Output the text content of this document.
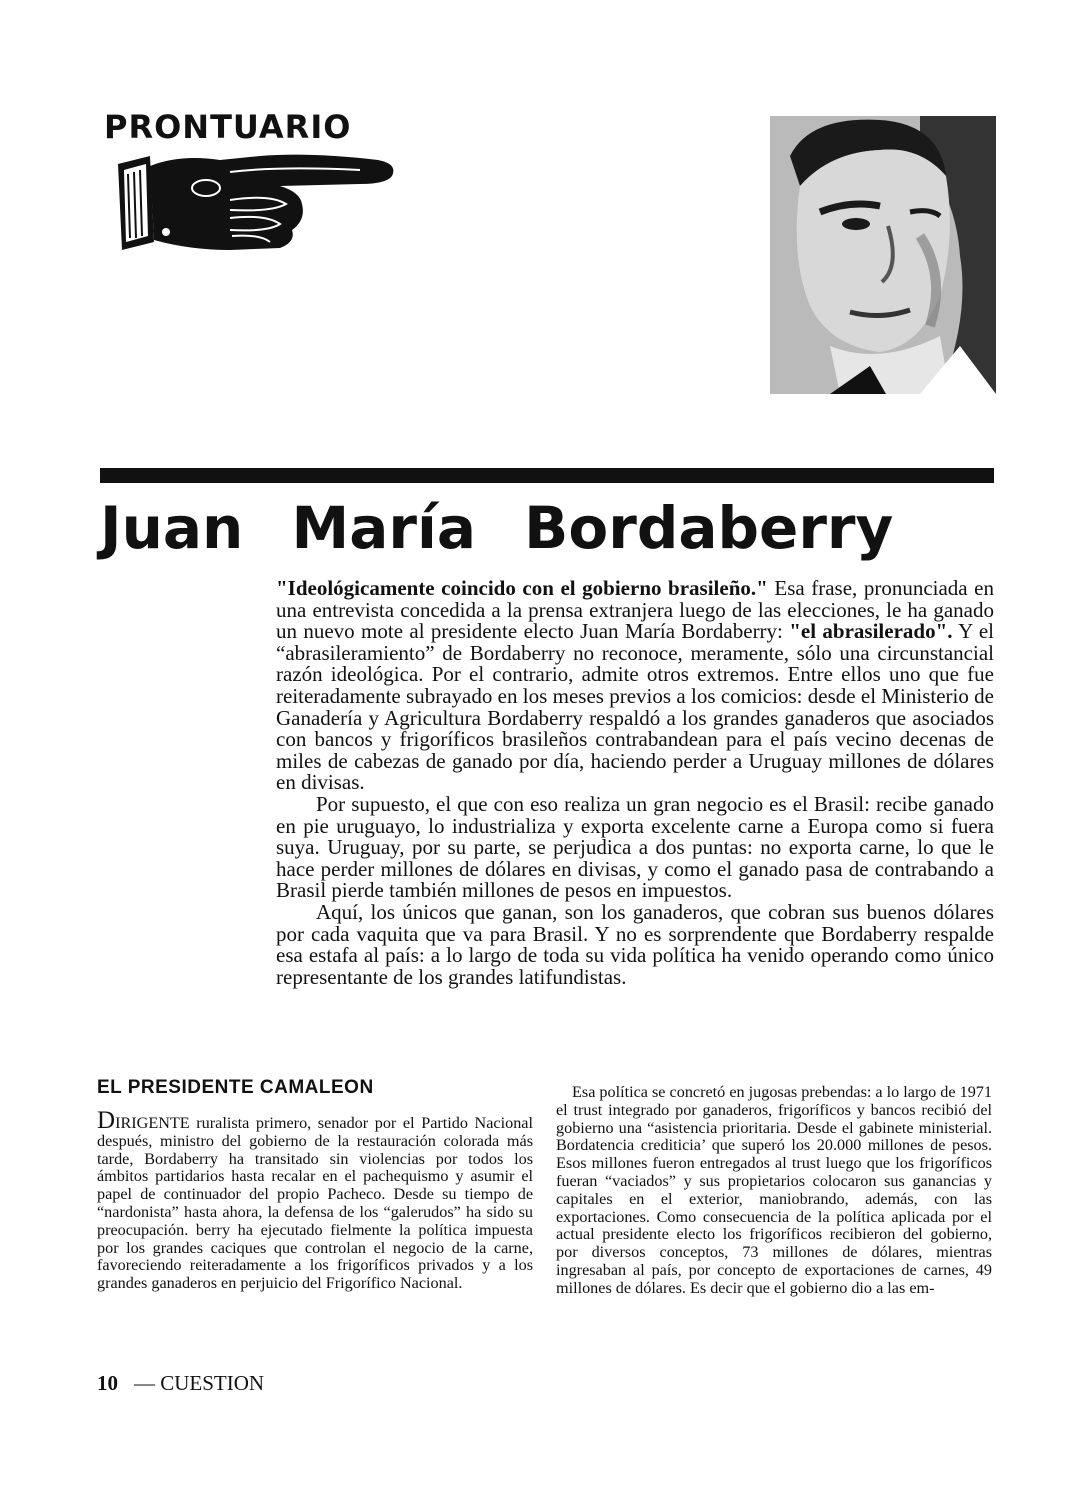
PRONTUARIO
Juan María Bordaberry

"Ideológicamente coincido con el gobierno brasileño." Esa frase, pronunciada en una entrevista concedida a la prensa extranjera luego de las elecciones, le ha ganado un nuevo mote al presidente electo Juan María Bordaberry: "el abrasilerado". Y el “abrasileramiento” de Bordaberry no reconoce, meramente, sólo una circunstancial razón ideológica. Por el contrario, admite otros extremos. Entre ellos uno que fue reiteradamente subrayado en los meses previos a los comicios: desde el Ministerio de Ganadería y Agricultura Bordaberry respaldó a los grandes ganaderos que asociados con bancos y frigoríficos brasileños contrabandean para el país vecino decenas de miles de cabezas de ganado por día, haciendo perder a Uruguay millones de dólares en divisas.

Por supuesto, el que con eso realiza un gran negocio es el Brasil: recibe ganado en pie uruguayo, lo industrializa y exporta excelente carne a Europa como si fuera suya. Uruguay, por su parte, se perjudica a dos puntas: no exporta carne, lo que le hace perder millones de dólares en divisas, y como el ganado pasa de contrabando a Brasil pierde también millones de pesos en impuestos.

Aquí, los únicos que ganan, son los ganaderos, que cobran sus buenos dólares por cada vaquita que va para Brasil. Y no es sorprendente que Bordaberry respalde esa estafa al país: a lo largo de toda su vida política ha venido operando como único representante de los grandes latifundistas.

EL PRESIDENTE CAMALEON

DIRIGENTE ruralista primero, senador por el Partido Nacional después, ministro del gobierno de la restauración colorada más tarde, Bordaberry ha transitado sin violencias por todos los ámbitos partidarios hasta recalar en el pachequismo y asumir el papel de continuador del propio Pacheco. Desde su tiempo de “nardonista” hasta ahora, la defensa de los “galerudos” ha sido su preocupación. berry ha ejecutado fielmente la política impuesta por los grandes caciques que controlan el negocio de la carne, favoreciendo reiteradamente a los frigoríficos privados y a los grandes ganaderos en perjuicio del Frigorífico Nacional.

Esa política se concretó en jugosas prebendas: a lo largo de 1971 el trust integrado por ganaderos, frigoríficos y bancos recibió del gobierno una “asistencia prioritaria. Desde el gabinete ministerial. Bordatencia crediticia’ que superó los 20.000 millones de pesos. Esos millones fueron entregados al trust luego que los frigoríficos fueran “vaciados” y sus propietarios colocaron sus ganancias y capitales en el exterior, maniobrando, además, con las exportaciones. Como consecuencia de la política aplicada por el actual presidente electo los frigoríficos recibieron del gobierno, por diversos conceptos, 73 millones de dólares, mientras ingresaban al país, por concepto de exportaciones de carnes, 49 millones de dólares. Es decir que el gobierno dio a las em-

10 — CUESTION
